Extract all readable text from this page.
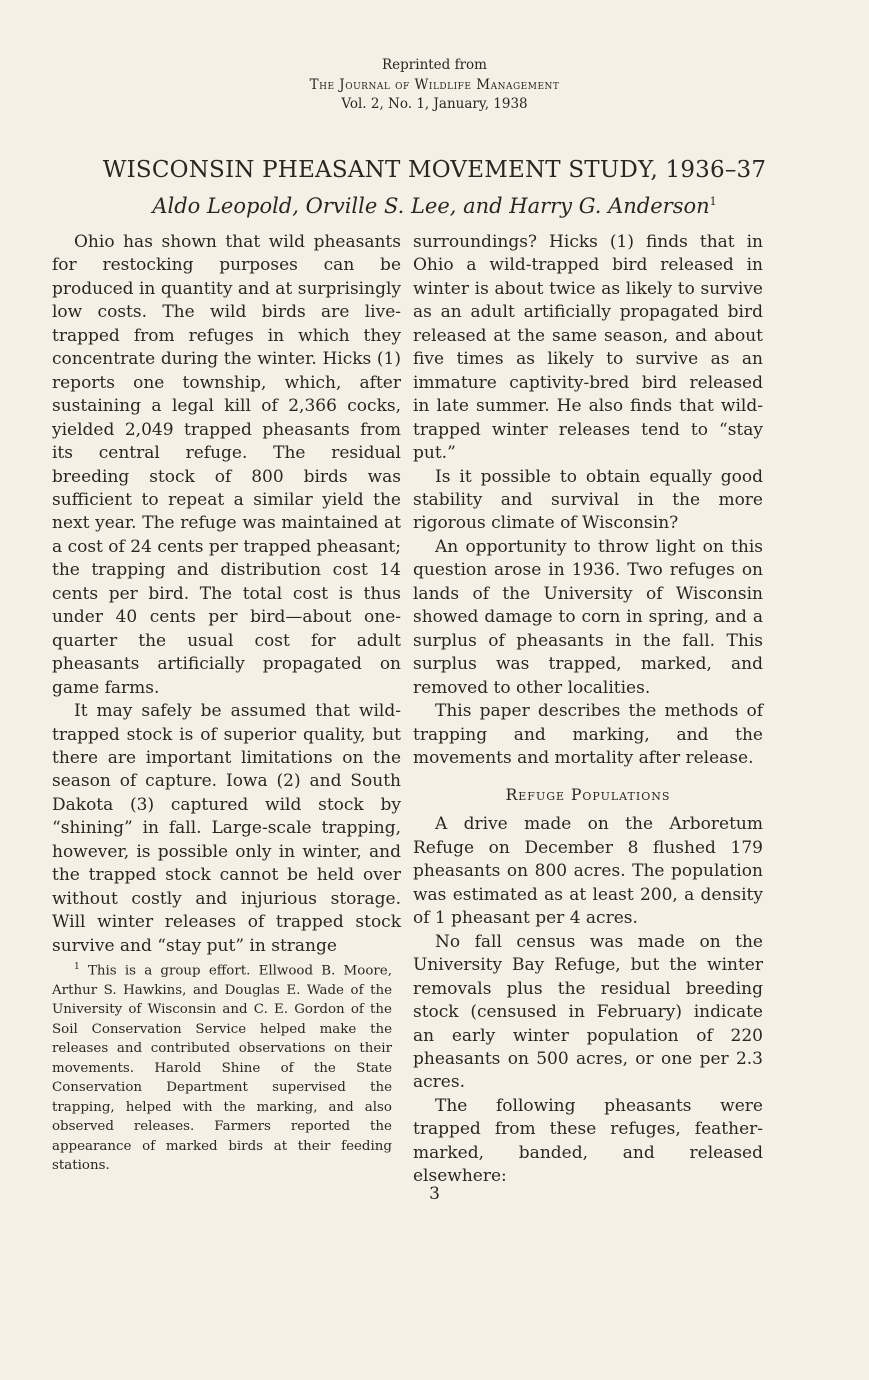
Reprinted from
The Journal of Wildlife Management
Vol. 2, No. 1, January, 1938
WISCONSIN PHEASANT MOVEMENT STUDY, 1936–37
Aldo Leopold, Orville S. Lee, and Harry G. Anderson$^1$

Ohio has shown that wild pheasants for restocking purposes can be produced in quantity and at surprisingly low costs. The wild birds are live-trapped from refuges in which they concentrate during the winter. Hicks (1) reports one township, which, after sustaining a legal kill of 2,366 cocks, yielded 2,049 trapped pheasants from its central refuge. The residual breeding stock of 800 birds was sufficient to repeat a similar yield the next year. The refuge was maintained at a cost of 24 cents per trapped pheasant; the trapping and distribution cost 14 cents per bird. The total cost is thus under 40 cents per bird—about one-quarter the usual cost for adult pheasants artificially propagated on game farms.

It may safely be assumed that wild-trapped stock is of superior quality, but there are important limitations on the season of capture. Iowa (2) and South Dakota (3) captured wild stock by “shining” in fall. Large-scale trapping, however, is possible only in winter, and the trapped stock cannot be held over without costly and injurious storage. Will winter releases of trapped stock survive and “stay put” in strange

$^1$ This is a group effort. Ellwood B. Moore, Arthur S. Hawkins, and Douglas E. Wade of the University of Wisconsin and C. E. Gordon of the Soil Conservation Service helped make the releases and contributed observations on their movements. Harold Shine of the State Conservation Department supervised the trapping, helped with the marking, and also observed releases. Farmers reported the appearance of marked birds at their feeding stations.

surroundings? Hicks (1) finds that in Ohio a wild-trapped bird released in winter is about twice as likely to survive as an adult artificially propagated bird released at the same season, and about five times as likely to survive as an immature captivity-bred bird released in late summer. He also finds that wild-trapped winter releases tend to “stay put.”

Is it possible to obtain equally good stability and survival in the more rigorous climate of Wisconsin?

An opportunity to throw light on this question arose in 1936. Two refuges on lands of the University of Wisconsin showed damage to corn in spring, and a surplus of pheasants in the fall. This surplus was trapped, marked, and removed to other localities.

This paper describes the methods of trapping and marking, and the movements and mortality after release.

Refuge Populations

A drive made on the Arboretum Refuge on December 8 flushed 179 pheasants on 800 acres. The population was estimated as at least 200, a density of 1 pheasant per 4 acres.

No fall census was made on the University Bay Refuge, but the winter removals plus the residual breeding stock (censused in February) indicate an early winter population of 220 pheasants on 500 acres, or one per 2.3 acres.

The following pheasants were trapped from these refuges, feather-marked, banded, and released elsewhere:

3
